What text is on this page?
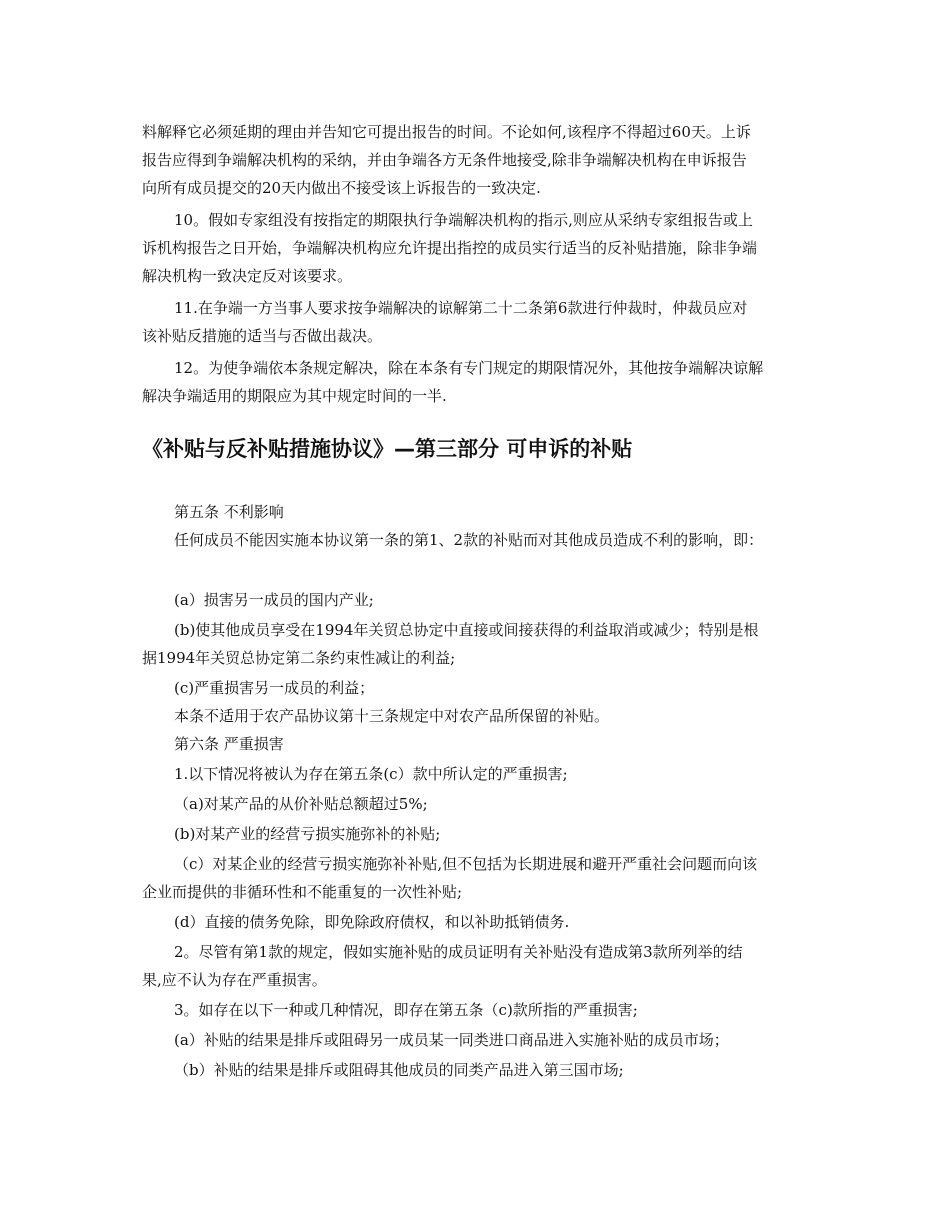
料解释它必须延期的理由并告知它可提出报告的时间。不论如何,该程序不得超过60天。上诉
报告应得到争端解决机构的采纳，并由争端各方无条件地接受,除非争端解决机构在申诉报告
向所有成员提交的20天内做出不接受该上诉报告的一致决定.
10。假如专家组没有按指定的期限执行争端解决机构的指示,则应从采纳专家组报告或上
诉机构报告之日开始，争端解决机构应允许提出指控的成员实行适当的反补贴措施，除非争端
解决机构一致决定反对该要求。
11.在争端一方当事人要求按争端解决的谅解第二十二条第6款进行仲裁时，仲裁员应对
该补贴反措施的适当与否做出裁决。
12。为使争端依本条规定解决，除在本条有专门规定的期限情况外，其他按争端解决谅解
解决争端适用的期限应为其中规定时间的一半.
《补贴与反补贴措施协议》—第三部分 可申诉的补贴
第五条 不利影响
任何成员不能因实施本协议第一条的第1、2款的补贴而对其他成员造成不利的影响，即：
(a）损害另一成员的国内产业;
(b)使其他成员享受在1994年关贸总协定中直接或间接获得的利益取消或减少；特别是根
据1994年关贸总协定第二条约束性减让的利益;
(c)严重损害另一成员的利益；
本条不适用于农产品协议第十三条规定中对农产品所保留的补贴。
第六条 严重损害
1.以下情况将被认为存在第五条(c）款中所认定的严重损害;
（a)对某产品的从价补贴总额超过5%;
(b)对某产业的经营亏损实施弥补的补贴;
（c）对某企业的经营亏损实施弥补补贴,但不包括为长期进展和避开严重社会问题而向该
企业而提供的非循环性和不能重复的一次性补贴;
(d）直接的债务免除，即免除政府债权，和以补助抵销债务.
2。尽管有第1款的规定，假如实施补贴的成员证明有关补贴没有造成第3款所列举的结
果,应不认为存在严重损害。
3。如存在以下一种或几种情况，即存在第五条（c)款所指的严重损害;
(a）补贴的结果是排斥或阻碍另一成员某一同类进口商品进入实施补贴的成员市场；
（b）补贴的结果是排斥或阻碍其他成员的同类产品进入第三国市场;
